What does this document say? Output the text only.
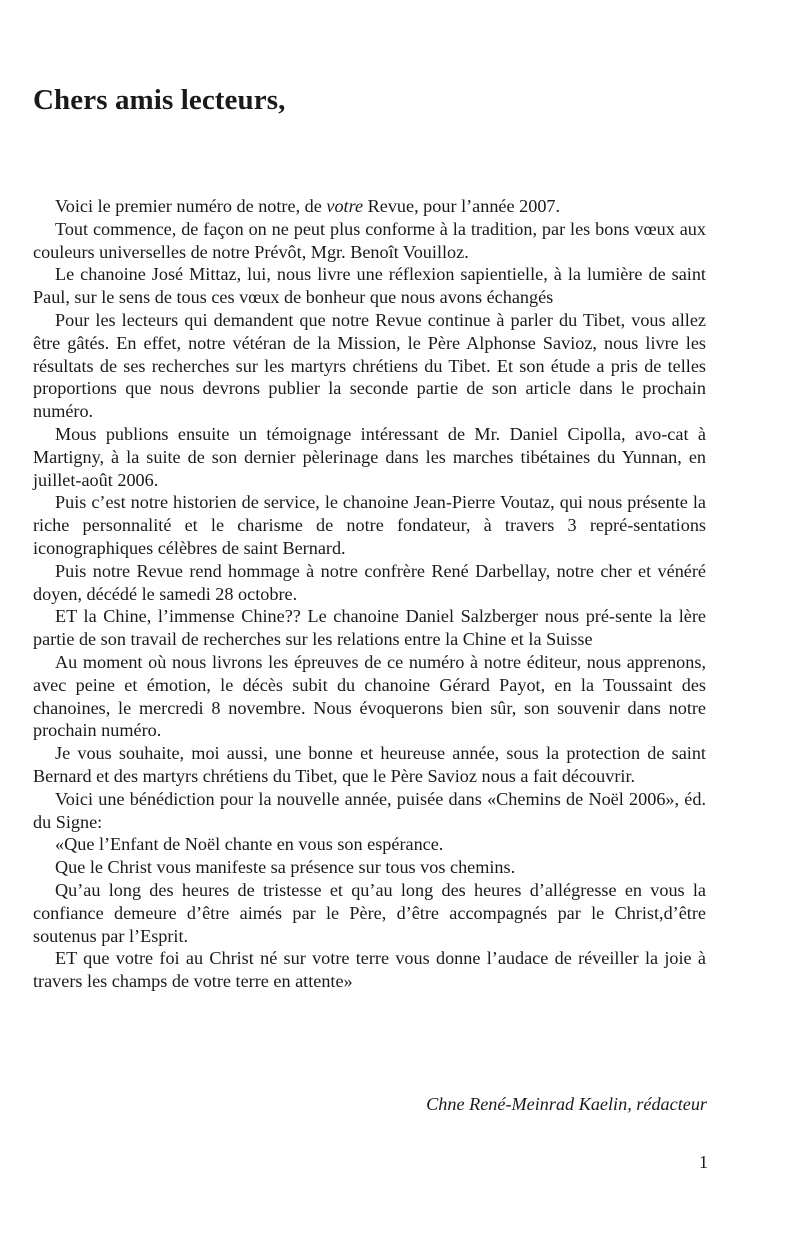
Chers amis lecteurs,

Voici le premier numéro de notre, de votre Revue, pour l’année 2007.

Tout commence, de façon on ne peut plus conforme à la tradition, par les bons vœux aux couleurs universelles de notre Prévôt, Mgr. Benoît Vouilloz.

Le chanoine José Mittaz, lui, nous livre une réflexion sapientielle, à la lumière de saint Paul, sur le sens de tous ces vœux de bonheur que nous avons échangés

Pour les lecteurs qui demandent que notre Revue continue à parler du Tibet, vous allez être gâtés. En effet, notre vétéran de la Mission, le Père Alphonse Savioz, nous livre les résultats de ses recherches sur les martyrs chrétiens du Tibet. Et son étude a pris de telles proportions que nous devrons publier la seconde partie de son article dans le prochain numéro.

Mous publions ensuite un témoignage intéressant de Mr. Daniel Cipolla, avo-cat à Martigny, à la suite de son dernier pèlerinage dans les marches tibétaines du Yunnan, en juillet-août 2006.

Puis c’est notre historien de service, le chanoine Jean-Pierre Voutaz, qui nous présente la riche personnalité et le charisme de notre fondateur, à travers 3 repré-sentations iconographiques célèbres de saint Bernard.

Puis notre Revue rend hommage à notre confrère René Darbellay, notre cher et vénéré doyen, décédé le samedi 28 octobre.

ET la Chine, l’immense Chine?? Le chanoine Daniel Salzberger nous pré-sente la lère partie de son travail de recherches sur les relations entre la Chine et la Suisse

Au moment où nous livrons les épreuves de ce numéro à notre éditeur, nous apprenons, avec peine et émotion, le décès subit du chanoine Gérard Payot, en la Toussaint des chanoines, le mercredi 8 novembre. Nous évoquerons bien sûr, son souvenir dans notre prochain numéro.

Je vous souhaite, moi aussi, une bonne et heureuse année, sous la protection de saint Bernard et des martyrs chrétiens du Tibet, que le Père Savioz nous a fait découvrir.

Voici une bénédiction pour la nouvelle année, puisée dans «Chemins de Noël 2006», éd. du Signe:

«Que l’Enfant de Noël chante en vous son espérance.

Que le Christ vous manifeste sa présence sur tous vos chemins.

Qu’au long des heures de tristesse et qu’au long des heures d’allégresse en vous la confiance demeure d’être aimés par le Père, d’être accompagnés par le Christ,d’être soutenus par l’Esprit.

ET que votre foi au Christ né sur votre terre vous donne l’audace de réveiller la joie à travers les champs de votre terre en attente»

Chne René-Meinrad Kaelin, rédacteur
1
